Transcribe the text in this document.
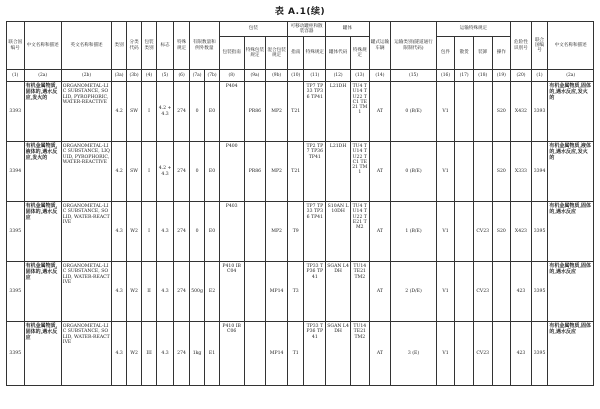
表 A.1(续)
联合国编号	中文名称和描述	英文名称和描述	类别	分类代码	包装类别	标志	特殊规定	有限数量和例外数量		包装			可移动罐柜和散装容器		罐体		罐式运输车辆	运输类别(隧道通行限制代码)	运输特殊规定				危险性识别号	联合国编号	中文名称和描述
										包装指南	特殊包装规定	混合包装规定	指南	特殊规定	罐体代码	特殊规定			包件	散货	装卸	操作			
(1)	(2a)	(2b)	(3a)	(3b)	(4)	(5)	(6)	(7a)	(7b)	(8)	(9a)	(9b)	(10)	(11)	(12)	(13)	(14)	(15)	(16)	(17)	(18)	(19)	(20)	(1)	(2a)
3393	有机金属物质,固体的,遇水反应,发火的	ORGANOMETAL-LIC SUBSTANCE, SOLID, PYROPHORIC, WATER-REACTIVE	4.2	SW	I	4.2 + 4.3	274	0	E0	P404	PR86	MP2	T21	TP7 TP33 TP36 TP41	L21DH	TU4 TU14 TU22 TC1 TE21 TM1	AT	0 (B/E)	V1			S20	X432	3393	有机金属物质,固体的,遇水反应,发火的
3394	有机金属物质,液体的,遇水反应,发火的	ORGANOMETAL-LIC SUBSTANCE, LIQUID, PYROPHORIC, WATER-REACTIVE	4.2	SW	I	4.2 + 4.3	274	0	E0	P400	PR86	MP2	T21	TP2 TP7 TP36 TP41	L21DH	TU4 TU14 TU22 TC1 TE21 TM1	AT	0 (B/E)	V1			S20	X333	3394	有机金属物质,液体的,遇水反应,发火的
3395	有机金属物质,固体的,遇水反应	ORGANOMETAL-LIC SUBSTANCE, SOLID, WATER-REACTIVE	4.3	W2	I	4.3	274	0	E0	P403		MP2	T9	TP7 TP33 TP36 TP41	S10AN L10DH	TU4 TU14 TU22 TE21 TM2	AT	1 (B/E)	V1		CV23	S20	X423	3395	有机金属物质,固体的,遇水反应
3395	有机金属物质,固体的,遇水反应	ORGANOMETAL-LIC SUBSTANCE, SOLID, WATER-REACTIVE	4.3	W2	II	4.3	274	500g	E2	P410 IBC04		MP14	T3	TP33 TP36 TP41	SGAN L4DH	TU14 TE21 TM2	AT	2 (D/E)	V1		CV23		423	3395	有机金属物质,固体的,遇水反应
3395	有机金属物质,固体的,遇水反应	ORGANOMETAL-LIC SUBSTANCE, SOLID, WATER-REACTIVE	4.3	W2	III	4.3	274	1kg	E1	P410 IBC06		MP14	T1	TP33 TP36 TP41	SGAN L4DH	TU14 TE21 TM2	AT	3 (E)	V1		CV23		423	3395	有机金属物质,固体的,遇水反应
